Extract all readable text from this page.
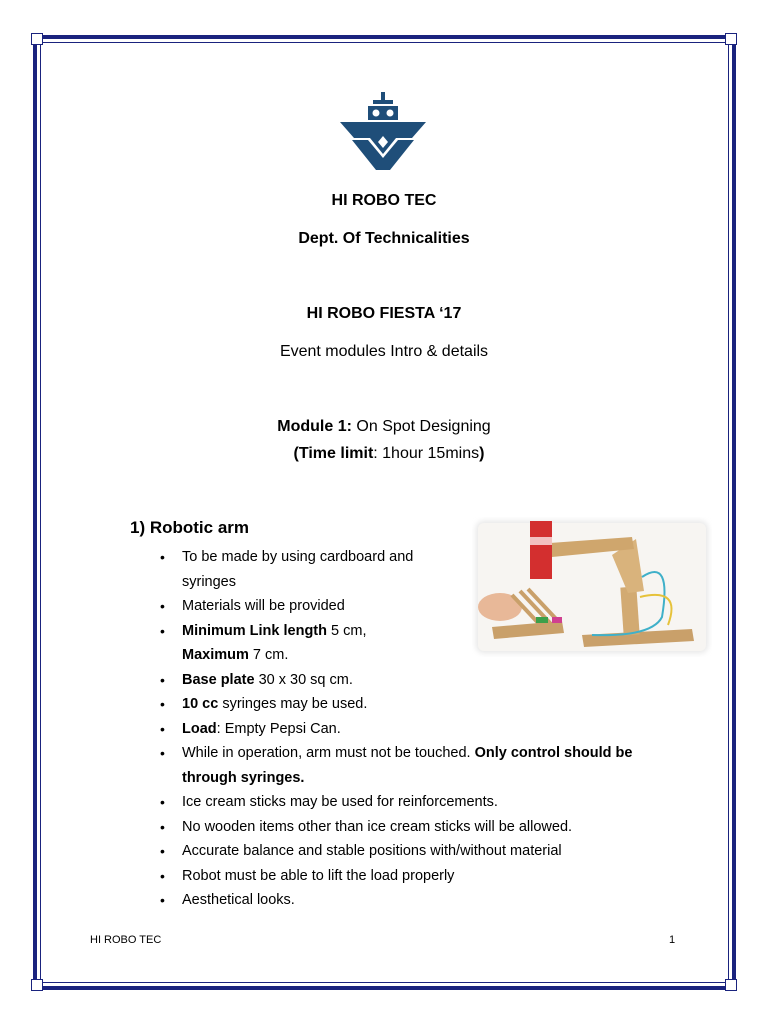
HI ROBO TEC
Dept. Of Technicalities
HI ROBO FIESTA ‘17
Event modules Intro & details
Module 1: On Spot Designing
(Time limit: 1hour 15mins)
1) Robotic arm
• To be made by using cardboard and syringes
• Materials will be provided
• Minimum Link length 5 cm,
Maximum 7 cm.
• Base plate 30 x 30 sq cm.
• 10 cc syringes may be used.
• Load: Empty Pepsi Can.
• While in operation, arm must not be touched. Only control should be through syringes.
• Ice cream sticks may be used for reinforcements.
• No wooden items other than ice cream sticks will be allowed.
• Accurate balance and stable positions with/without material
• Robot must be able to lift the load properly
• Aesthetical looks.
HI ROBO TEC	1
